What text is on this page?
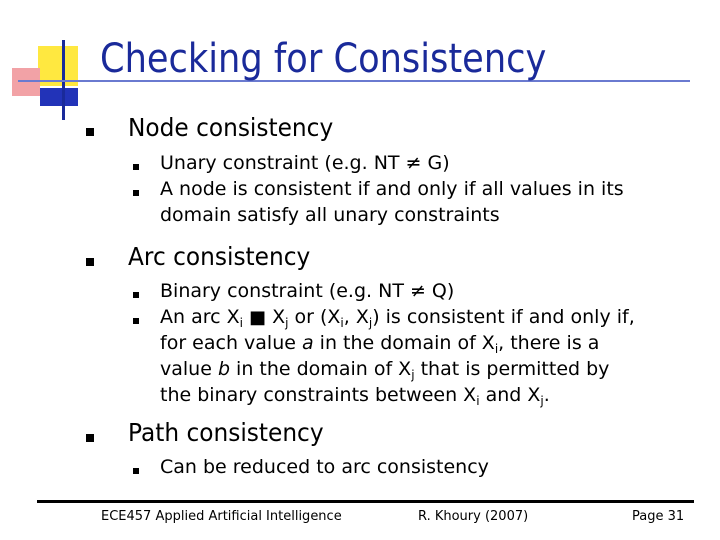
Checking for Consistency
Node consistency
Unary constraint (e.g. NT ≠ G)
A node is consistent if and only if all values in its
domain satisfy all unary constraints
Arc consistency
Binary constraint (e.g. NT ≠ Q)
An arc $X_i$ ■ $X_j$ or ($X_i$, $X_j$) is consistent if and only if,
for each value a in the domain of $X_i$, there is a
value b in the domain of $X_j$ that is permitted by
the binary constraints between $X_i$ and $X_j$.
Path consistency
Can be reduced to arc consistency
ECE457 Applied Artificial Intelligence	R. Khoury (2007)	Page 31
